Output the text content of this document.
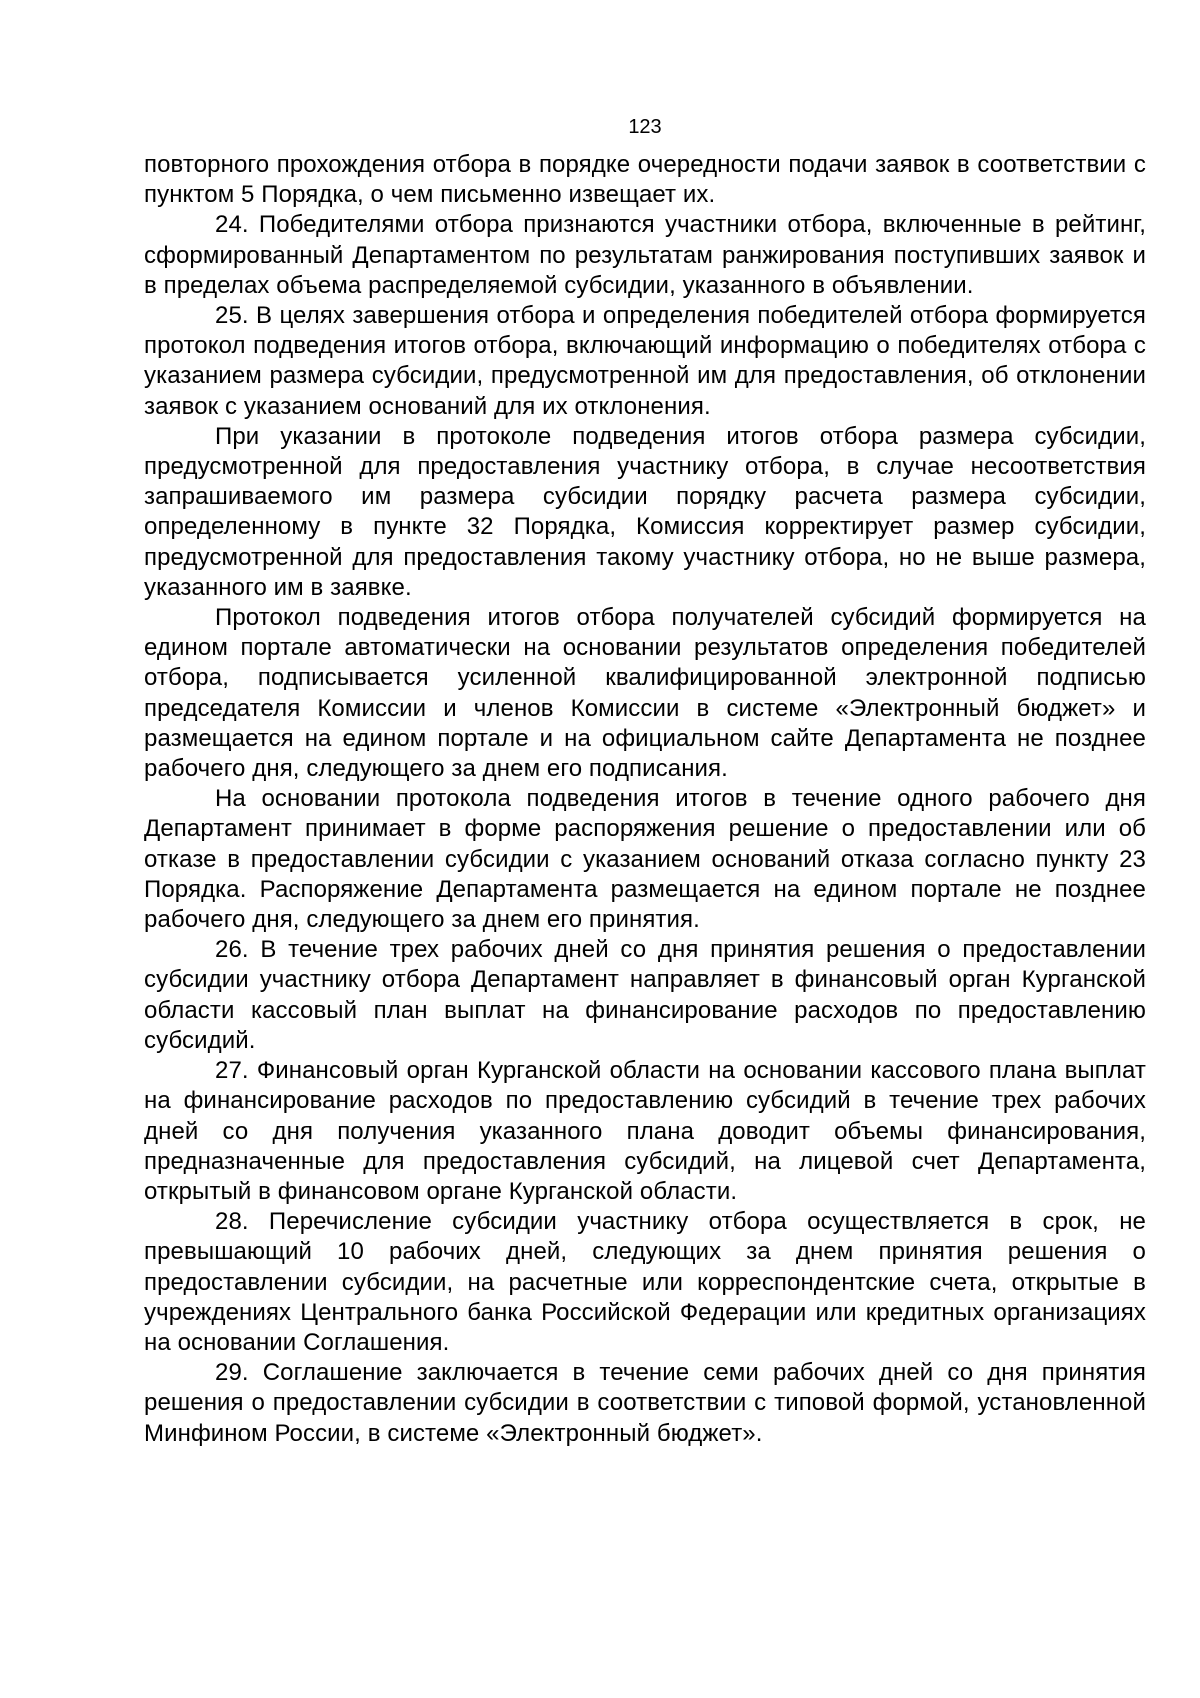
123

повторного прохождения отбора в порядке очередности подачи заявок в соответствии с пунктом 5 Порядка, о чем письменно извещает их.

24. Победителями отбора признаются участники отбора, включенные в рейтинг, сформированный Департаментом по результатам ранжирования поступивших заявок и в пределах объема распределяемой субсидии, указанного в объявлении.

25. В целях завершения отбора и определения победителей отбора формируется протокол подведения итогов отбора, включающий информацию о победителях отбора с указанием размера субсидии, предусмотренной им для предоставления, об отклонении заявок с указанием оснований для их отклонения.

При указании в протоколе подведения итогов отбора размера субсидии, предусмотренной для предоставления участнику отбора, в случае несоответствия запрашиваемого им размера субсидии порядку расчета размера субсидии, определенному в пункте 32 Порядка, Комиссия корректирует размер субсидии, предусмотренной для предоставления такому участнику отбора, но не выше размера, указанного им в заявке.

Протокол подведения итогов отбора получателей субсидий формируется на едином портале автоматически на основании результатов определения победителей отбора, подписывается усиленной квалифицированной электронной подписью председателя Комиссии и членов Комиссии в системе «Электронный бюджет» и размещается на едином портале и на официальном сайте Департамента не позднее рабочего дня, следующего за днем его подписания.

На основании протокола подведения итогов в течение одного рабочего дня Департамент принимает в форме распоряжения решение о предоставлении или об отказе в предоставлении субсидии с указанием оснований отказа согласно пункту 23 Порядка. Распоряжение Департамента размещается на едином портале не позднее рабочего дня, следующего за днем его принятия.

26. В течение трех рабочих дней со дня принятия решения о предоставлении субсидии участнику отбора Департамент направляет в финансовый орган Курганской области кассовый план выплат на финансирование расходов по предоставлению субсидий.

27. Финансовый орган Курганской области на основании кассового плана выплат на финансирование расходов по предоставлению субсидий в течение трех рабочих дней со дня получения указанного плана доводит объемы финансирования, предназначенные для предоставления субсидий, на лицевой счет Департамента, открытый в финансовом органе Курганской области.

28. Перечисление субсидии участнику отбора осуществляется в срок, не превышающий 10 рабочих дней, следующих за днем принятия решения о предоставлении субсидии, на расчетные или корреспондентские счета, открытые в учреждениях Центрального банка Российской Федерации или кредитных организациях на основании Соглашения.

29. Соглашение заключается в течение семи рабочих дней со дня принятия решения о предоставлении субсидии в соответствии с типовой формой, установленной Минфином России, в системе «Электронный бюджет».
